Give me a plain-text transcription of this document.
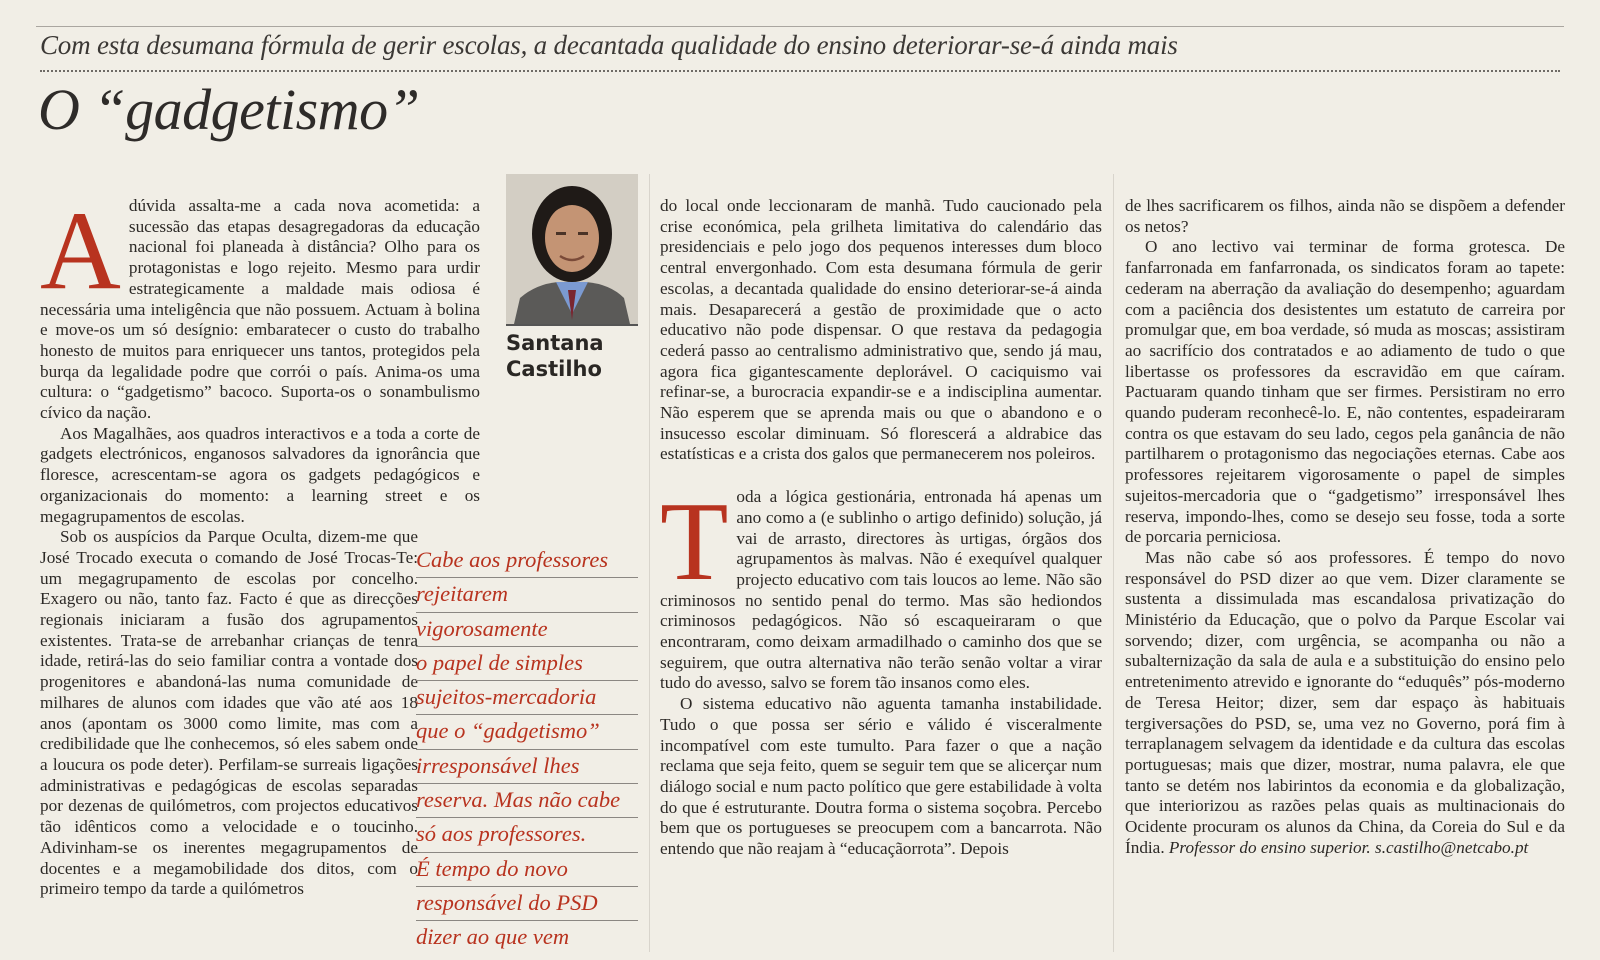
Com esta desumana fórmula de gerir escolas, a decantada qualidade do ensino deteriorar-se-á ainda mais
O “gadgetismo”

A dúvida assalta-me a cada nova acometida: a sucessão das etapas desagregadoras da educação nacional foi planeada à distância? Olho para os protagonistas e logo rejeito. Mesmo para urdir estrategicamente a maldade mais odiosa é necessária uma inteligência que não possuem. Actuam à bolina e move-os um só desígnio: embaratecer o custo do trabalho honesto de muitos para enriquecer uns tantos, protegidos pela burqa da legalidade podre que corrói o país. Anima-os uma cultura: o “gadgetismo” bacoco. Suporta-os o sonambulismo cívico da nação.

Aos Magalhães, aos quadros interactivos e a toda a corte de gadgets electrónicos, enganosos salvadores da ignorância que floresce, acrescentam-se agora os gadgets pedagógicos e organizacionais do momento: a learning street e os megagrupamentos de escolas.

Sob os auspícios da Parque Oculta, dizem-me que José Trocado executa o comando de José Trocas-Te: um megagrupamento de escolas por concelho. Exagero ou não, tanto faz. Facto é que as direcções regionais iniciaram a fusão dos agrupamentos existentes. Trata-se de arrebanhar crianças de tenra idade, retirá-las do seio familiar contra a vontade dos progenitores e abandoná-las numa comunidade de milhares de alunos com idades que vão até aos 18 anos (apontam os 3000 como limite, mas com a credibilidade que lhe conhecemos, só eles sabem onde a loucura os pode deter). Perfilam-se surreais ligações administrativas e pedagógicas de escolas separadas por dezenas de quilómetros, com projectos educativos tão idênticos como a velocidade e o toucinho. Adivinham-se os inerentes megagrupamentos de docentes e a megamobilidade dos ditos, com o primeiro tempo da tarde a quilómetros

Santana
Castilho
Cabe aos professores
rejeitarem
vigorosamente
o papel de simples
sujeitos-mercadoria
que o “gadgetismo”
irresponsável lhes
reserva. Mas não cabe
só aos professores.
É tempo do novo
responsável do PSD
dizer ao que vem

do local onde leccionaram de manhã. Tudo caucionado pela crise económica, pela grilheta limitativa do calendário das presidenciais e pelo jogo dos pequenos interesses dum bloco central envergonhado. Com esta desumana fórmula de gerir escolas, a decantada qualidade do ensino deteriorar-se-á ainda mais. Desaparecerá a gestão de proximidade que o acto educativo não pode dispensar. O que restava da pedagogia cederá passo ao centralismo administrativo que, sendo já mau, agora fica gigantescamente deplorável. O caciquismo vai refinar-se, a burocracia expandir-se e a indisciplina aumentar. Não esperem que se aprenda mais ou que o abandono e o insucesso escolar diminuam. Só florescerá a aldrabice das estatísticas e a crista dos galos que permanecerem nos poleiros.

Toda a lógica gestionária, entronada há apenas um ano como a (e sublinho o artigo definido) solução, já vai de arrasto, directores às urtigas, órgãos dos agrupamentos às malvas. Não é exequível qualquer projecto educativo com tais loucos ao leme. Não são criminosos no sentido penal do termo. Mas são hediondos criminosos pedagógicos. Não só escaqueiraram o que encontraram, como deixam armadilhado o caminho dos que se seguirem, que outra alternativa não terão senão voltar a virar tudo do avesso, salvo se forem tão insanos como eles.

O sistema educativo não aguenta tamanha instabilidade. Tudo o que possa ser sério e válido é visceralmente incompatível com este tumulto. Para fazer o que a nação reclama que seja feito, quem se seguir tem que se alicerçar num diálogo social e num pacto político que gere estabilidade à volta do que é estruturante. Doutra forma o sistema soçobra. Percebo bem que os portugueses se preocupem com a bancarrota. Não entendo que não reajam à “educaçãorrota”. Depois

de lhes sacrificarem os filhos, ainda não se dispõem a defender os netos?

O ano lectivo vai terminar de forma grotesca. De fanfarronada em fanfarronada, os sindicatos foram ao tapete: cederam na aberração da avaliação do desempenho; aguardam com a paciência dos desistentes um estatuto de carreira por promulgar que, em boa verdade, só muda as moscas; assistiram ao sacrifício dos contratados e ao adiamento de tudo o que libertasse os professores da escravidão em que caíram. Pactuaram quando tinham que ser firmes. Persistiram no erro quando puderam reconhecê-lo. E, não contentes, espadeiraram contra os que estavam do seu lado, cegos pela ganância de não partilharem o protagonismo das negociações eternas. Cabe aos professores rejeitarem vigorosamente o papel de simples sujeitos-mercadoria que o “gadgetismo” irresponsável lhes reserva, impondo-lhes, como se desejo seu fosse, toda a sorte de porcaria perniciosa.

Mas não cabe só aos professores. É tempo do novo responsável do PSD dizer ao que vem. Dizer claramente se sustenta a dissimulada mas escandalosa privatização do Ministério da Educação, que o polvo da Parque Escolar vai sorvendo; dizer, com urgência, se acompanha ou não a subalternização da sala de aula e a substituição do ensino pelo entretenimento atrevido e ignorante do “eduquês” pós-moderno de Teresa Heitor; dizer, sem dar espaço às habituais tergiversações do PSD, se, uma vez no Governo, porá fim à terraplanagem selvagem da identidade e da cultura das escolas portuguesas; mais que dizer, mostrar, numa palavra, ele que tanto se detém nos labirintos da economia e da globalização, que interiorizou as razões pelas quais as multinacionais do Ocidente procuram os alunos da China, da Coreia do Sul e da Índia. Professor do ensino superior. s.castilho@netcabo.pt
